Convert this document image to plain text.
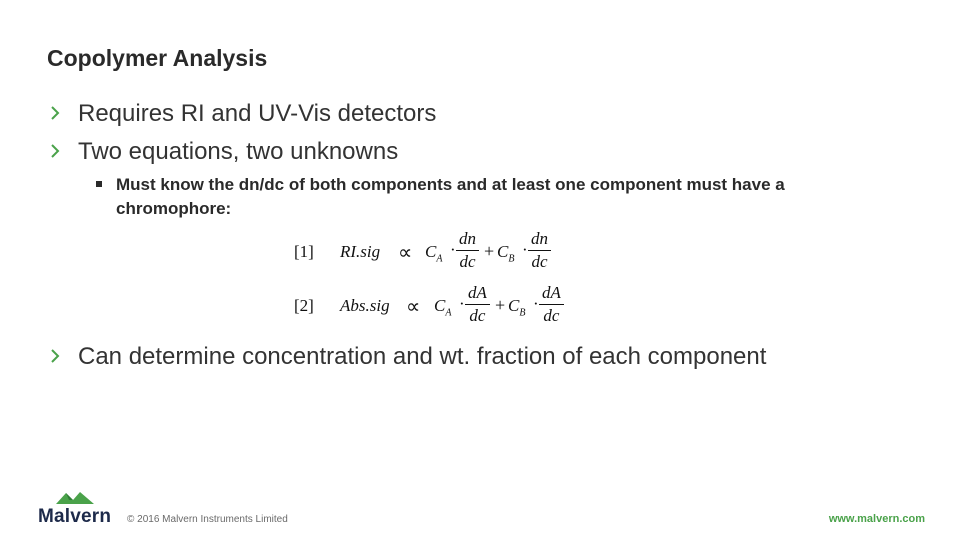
Copolymer Analysis
Requires RI and UV-Vis detectors
Two equations, two unknowns
Must know the dn/dc of both components and at least one component must have a chromophore:
[1] $RI.sig \propto C_A \cdot \frac{dn}{dc} + C_B \cdot \frac{dn}{dc}$
[2] $Abs.sig \propto C_A \cdot \frac{dA}{dc} + C_B \cdot \frac{dA}{dc}$
Can determine concentration and wt. fraction of each component
Malvern © 2016 Malvern Instruments Limited	www.malvern.com
